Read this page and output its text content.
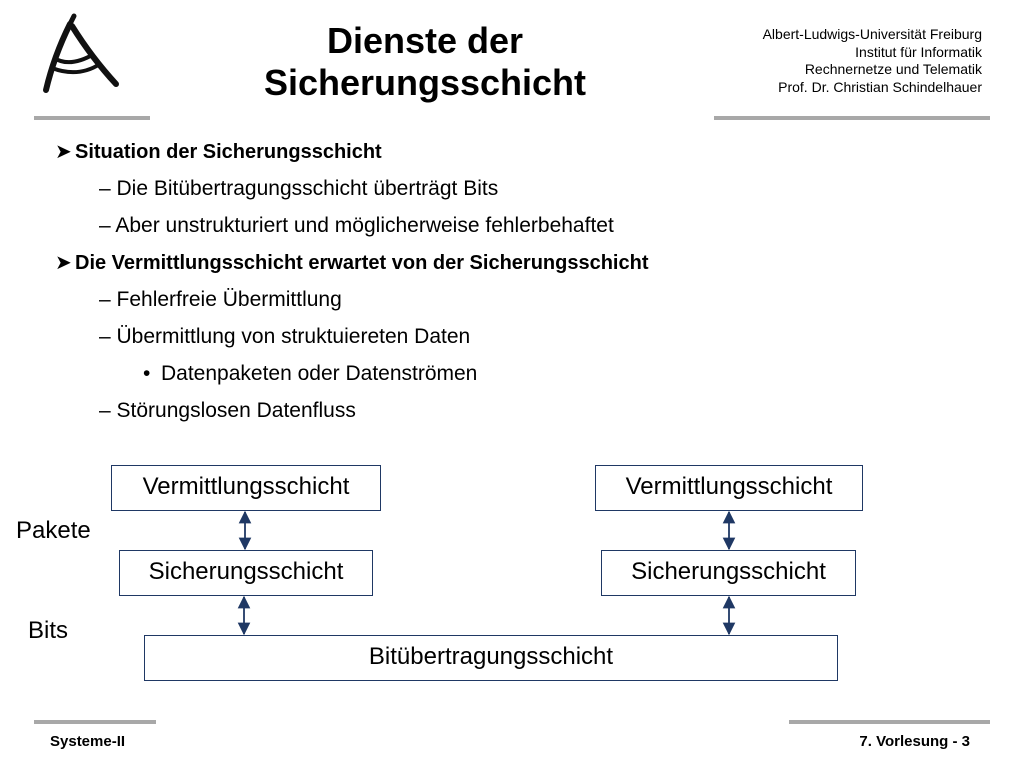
Dienste der
Sicherungsschicht
Albert-Ludwigs-Universität Freiburg
Institut für Informatik
Rechnernetze und Telematik
Prof. Dr. Christian Schindelhauer
➤ Situation der Sicherungsschicht
– Die Bitübertragungsschicht überträgt Bits
– Aber unstrukturiert und möglicherweise fehlerbehaftet
➤ Die Vermittlungsschicht erwartet von der Sicherungsschicht
– Fehlerfreie Übermittlung
– Übermittlung von struktuiereten Daten
• Datenpaketen oder Datenströmen
– Störungslosen Datenfluss
Vermittlungsschicht	Vermittlungsschicht
Sicherungsschicht	Sicherungsschicht
Bitübertragungsschicht
Pakete
Bits
Systeme-II	7. Vorlesung - 3
